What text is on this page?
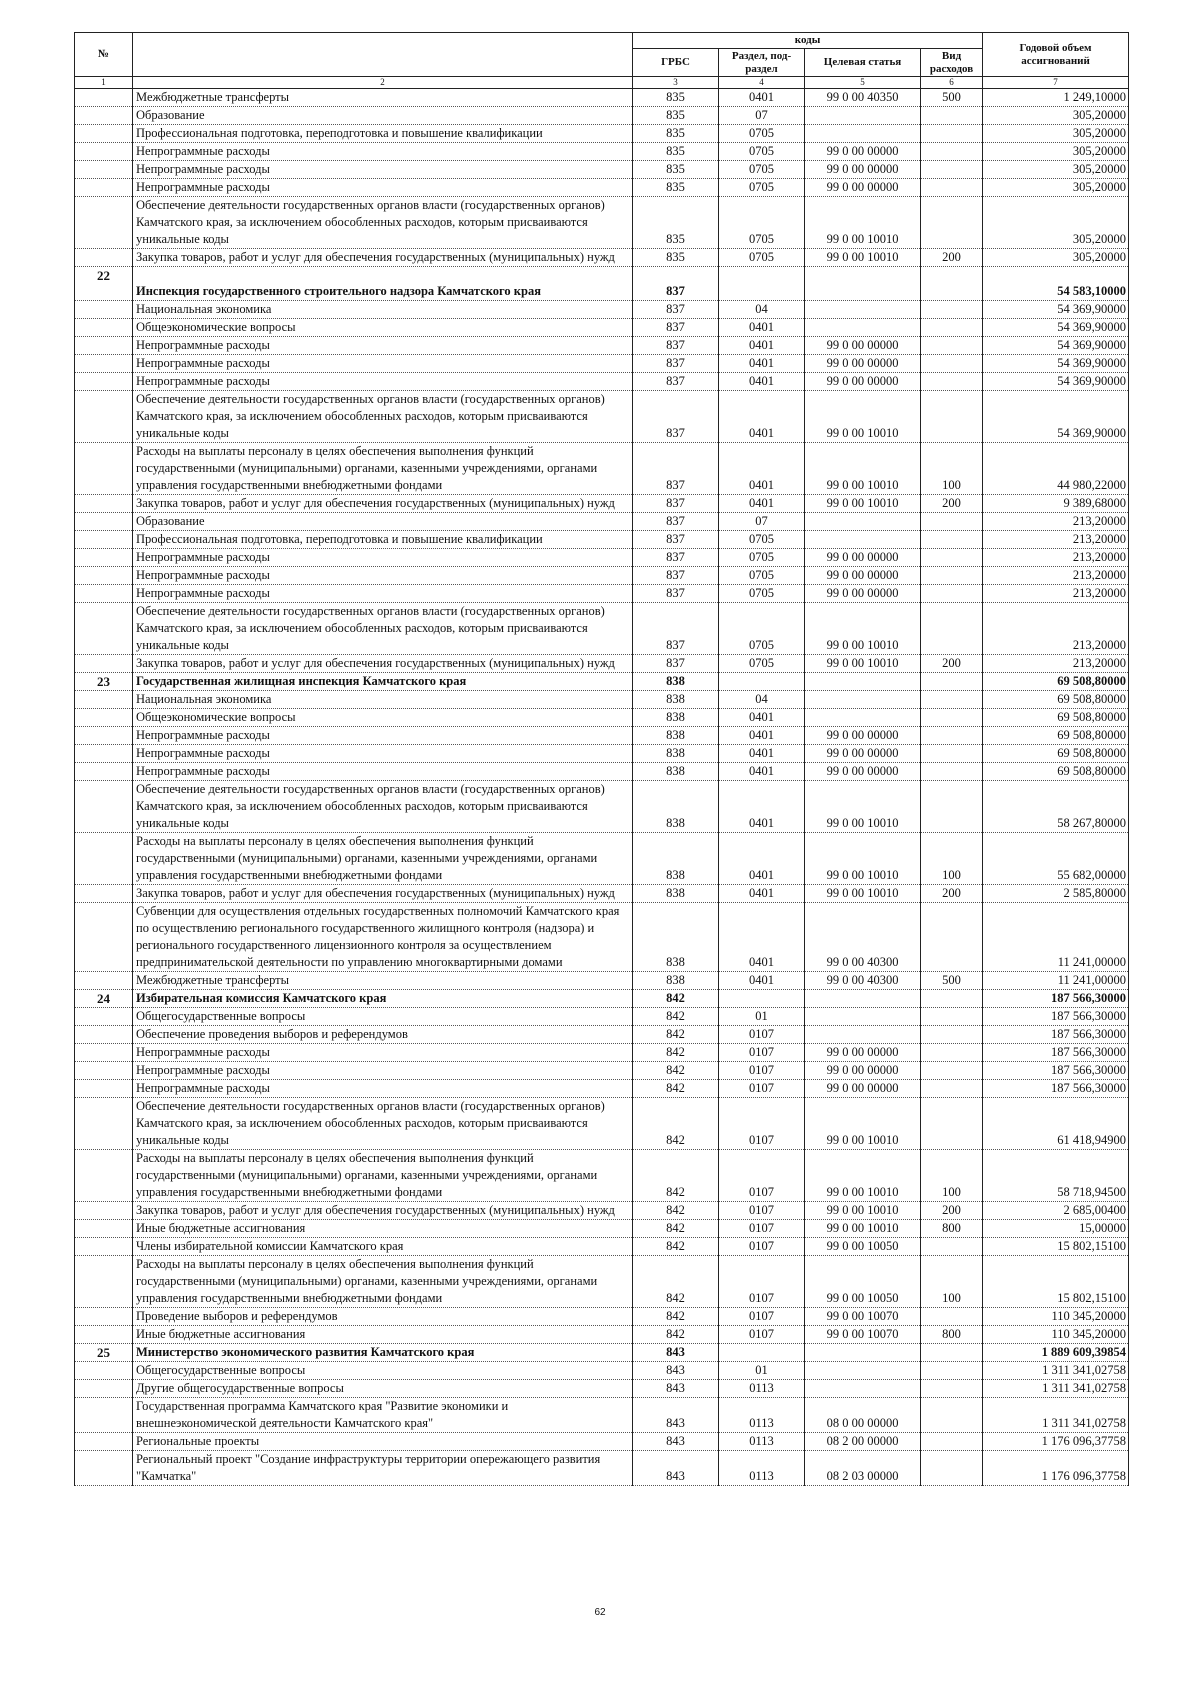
№		коды				Годовой объем ассигнований
		ГРБС	Раздел, под-раздел	Целевая статья	Вид расходов	
1	2	3	4	5	6	7
	Межбюджетные трансферты	835	0401	99 0 00 40350	500	1 249,10000
	Образование	835	07			305,20000
	Профессиональная подготовка, переподготовка и повышение квалификации	835	0705			305,20000
	Непрограммные расходы	835	0705	99 0 00 00000		305,20000
	Непрограммные расходы	835	0705	99 0 00 00000		305,20000
	Непрограммные расходы	835	0705	99 0 00 00000		305,20000
	Обеспечение деятельности государственных органов власти (государственных органов) Камчатского края, за исключением обособленных расходов, которым присваиваются уникальные коды	835	0705	99 0 00 10010		305,20000
	Закупка товаров, работ и услуг для обеспечения государственных (муниципальных) нужд	835	0705	99 0 00 10010	200	305,20000
22	Инспекция государственного строительного надзора Камчатского края	837				54 583,10000
	Национальная экономика	837	04			54 369,90000
	Общеэкономические вопросы	837	0401			54 369,90000
	Непрограммные расходы	837	0401	99 0 00 00000		54 369,90000
	Непрограммные расходы	837	0401	99 0 00 00000		54 369,90000
	Непрограммные расходы	837	0401	99 0 00 00000		54 369,90000
	Обеспечение деятельности государственных органов власти (государственных органов) Камчатского края, за исключением обособленных расходов, которым присваиваются уникальные коды	837	0401	99 0 00 10010		54 369,90000
	Расходы на выплаты персоналу в целях обеспечения выполнения функций государственными (муниципальными) органами, казенными учреждениями, органами управления государственными внебюджетными фондами	837	0401	99 0 00 10010	100	44 980,22000
	Закупка товаров, работ и услуг для обеспечения государственных (муниципальных) нужд	837	0401	99 0 00 10010	200	9 389,68000
	Образование	837	07			213,20000
	Профессиональная подготовка, переподготовка и повышение квалификации	837	0705			213,20000
	Непрограммные расходы	837	0705	99 0 00 00000		213,20000
	Непрограммные расходы	837	0705	99 0 00 00000		213,20000
	Непрограммные расходы	837	0705	99 0 00 00000		213,20000
	Обеспечение деятельности государственных органов власти (государственных органов) Камчатского края, за исключением обособленных расходов, которым присваиваются уникальные коды	837	0705	99 0 00 10010		213,20000
	Закупка товаров, работ и услуг для обеспечения государственных (муниципальных) нужд	837	0705	99 0 00 10010	200	213,20000
23	Государственная жилищная инспекция Камчатского края	838				69 508,80000
	Национальная экономика	838	04			69 508,80000
	Общеэкономические вопросы	838	0401			69 508,80000
	Непрограммные расходы	838	0401	99 0 00 00000		69 508,80000
	Непрограммные расходы	838	0401	99 0 00 00000		69 508,80000
	Непрограммные расходы	838	0401	99 0 00 00000		69 508,80000
	Обеспечение деятельности государственных органов власти (государственных органов) Камчатского края, за исключением обособленных расходов, которым присваиваются уникальные коды	838	0401	99 0 00 10010		58 267,80000
	Расходы на выплаты персоналу в целях обеспечения выполнения функций государственными (муниципальными) органами, казенными учреждениями, органами управления государственными внебюджетными фондами	838	0401	99 0 00 10010	100	55 682,00000
	Закупка товаров, работ и услуг для обеспечения государственных (муниципальных) нужд	838	0401	99 0 00 10010	200	2 585,80000
	Субвенции для осуществления отдельных государственных полномочий Камчатского края по осуществлению регионального государственного жилищного контроля (надзора) и регионального государственного лицензионного контроля за осуществлением предпринимательской деятельности по управлению многоквартирными домами	838	0401	99 0 00 40300		11 241,00000
	Межбюджетные трансферты	838	0401	99 0 00 40300	500	11 241,00000
24	Избирательная комиссия Камчатского края	842				187 566,30000
	Общегосударственные вопросы	842	01			187 566,30000
	Обеспечение проведения выборов и референдумов	842	0107			187 566,30000
	Непрограммные расходы	842	0107	99 0 00 00000		187 566,30000
	Непрограммные расходы	842	0107	99 0 00 00000		187 566,30000
	Непрограммные расходы	842	0107	99 0 00 00000		187 566,30000
	Обеспечение деятельности государственных органов власти (государственных органов) Камчатского края, за исключением обособленных расходов, которым присваиваются уникальные коды	842	0107	99 0 00 10010		61 418,94900
	Расходы на выплаты персоналу в целях обеспечения выполнения функций государственными (муниципальными) органами, казенными учреждениями, органами управления государственными внебюджетными фондами	842	0107	99 0 00 10010	100	58 718,94500
	Закупка товаров, работ и услуг для обеспечения государственных (муниципальных) нужд	842	0107	99 0 00 10010	200	2 685,00400
	Иные бюджетные ассигнования	842	0107	99 0 00 10010	800	15,00000
	Члены избирательной комиссии Камчатского края	842	0107	99 0 00 10050		15 802,15100
	Расходы на выплаты персоналу в целях обеспечения выполнения функций государственными (муниципальными) органами, казенными учреждениями, органами управления государственными внебюджетными фондами	842	0107	99 0 00 10050	100	15 802,15100
	Проведение выборов и референдумов	842	0107	99 0 00 10070		110 345,20000
	Иные бюджетные ассигнования	842	0107	99 0 00 10070	800	110 345,20000
25	Министерство экономического развития Камчатского края	843				1 889 609,39854
	Общегосударственные вопросы	843	01			1 311 341,02758
	Другие общегосударственные вопросы	843	0113			1 311 341,02758
	Государственная программа Камчатского края "Развитие экономики и внешнеэкономической деятельности Камчатского края"	843	0113	08 0 00 00000		1 311 341,02758
	Региональные проекты	843	0113	08 2 00 00000		1 176 096,37758
	Региональный проект "Создание инфраструктуры территории опережающего развития "Камчатка"	843	0113	08 2 03 00000		1 176 096,37758
62
